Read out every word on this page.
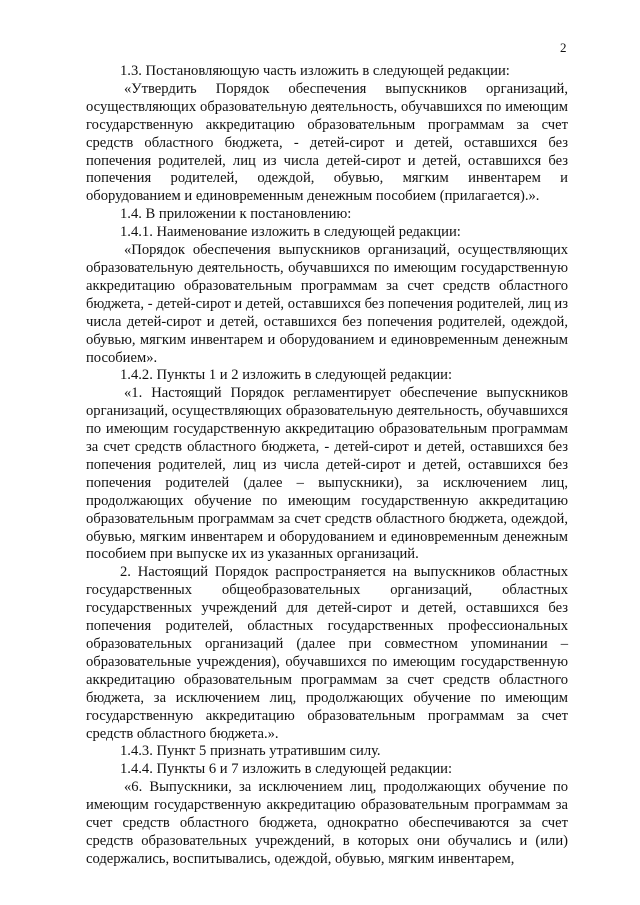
2

1.3. Постановляющую часть изложить в следующей редакции:

«Утвердить Порядок обеспечения выпускников организаций, осуществляющих образовательную деятельность, обучавшихся по имеющим государственную аккредитацию образовательным программам за счет средств областного бюджета, - детей-сирот и детей, оставшихся без попечения родителей, лиц из числа детей-сирот и детей, оставшихся без попечения родителей, одеждой, обувью, мягким инвентарем и оборудованием и единовременным денежным пособием (прилагается).».

1.4. В приложении к постановлению:

1.4.1. Наименование изложить в следующей редакции:

«Порядок обеспечения выпускников организаций, осуществляющих образовательную деятельность, обучавшихся по имеющим государственную аккредитацию образовательным программам за счет средств областного бюджета, - детей-сирот и детей, оставшихся без попечения родителей, лиц из числа детей-сирот и детей, оставшихся без попечения родителей, одеждой, обувью, мягким инвентарем и оборудованием и единовременным денежным пособием».

1.4.2. Пункты 1 и 2 изложить в следующей редакции:

«1. Настоящий Порядок регламентирует обеспечение выпускников организаций, осуществляющих образовательную деятельность, обучавшихся по имеющим государственную аккредитацию образовательным программам за счет средств областного бюджета, - детей-сирот и детей, оставшихся без попечения родителей, лиц из числа детей-сирот и детей, оставшихся без попечения родителей (далее – выпускники), за исключением лиц, продолжающих обучение по имеющим государственную аккредитацию образовательным программам за счет средств областного бюджета, одеждой, обувью, мягким инвентарем и оборудованием и единовременным денежным пособием при выпуске их из указанных организаций.

2. Настоящий Порядок распространяется на выпускников областных государственных общеобразовательных организаций, областных государственных учреждений для детей-сирот и детей, оставшихся без попечения родителей, областных государственных профессиональных образовательных организаций (далее при совместном упоминании – образовательные учреждения), обучавшихся по имеющим государственную аккредитацию образовательным программам за счет средств областного бюджета, за исключением лиц, продолжающих обучение по имеющим государственную аккредитацию образовательным программам за счет средств областного бюджета.».

1.4.3. Пункт 5 признать утратившим силу.

1.4.4. Пункты 6 и 7 изложить в следующей редакции:

«6. Выпускники, за исключением лиц, продолжающих обучение по имеющим государственную аккредитацию образовательным программам за счет средств областного бюджета, однократно обеспечиваются за счет средств образовательных учреждений, в которых они обучались и (или) содержались, воспитывались, одеждой, обувью, мягким инвентарем,
